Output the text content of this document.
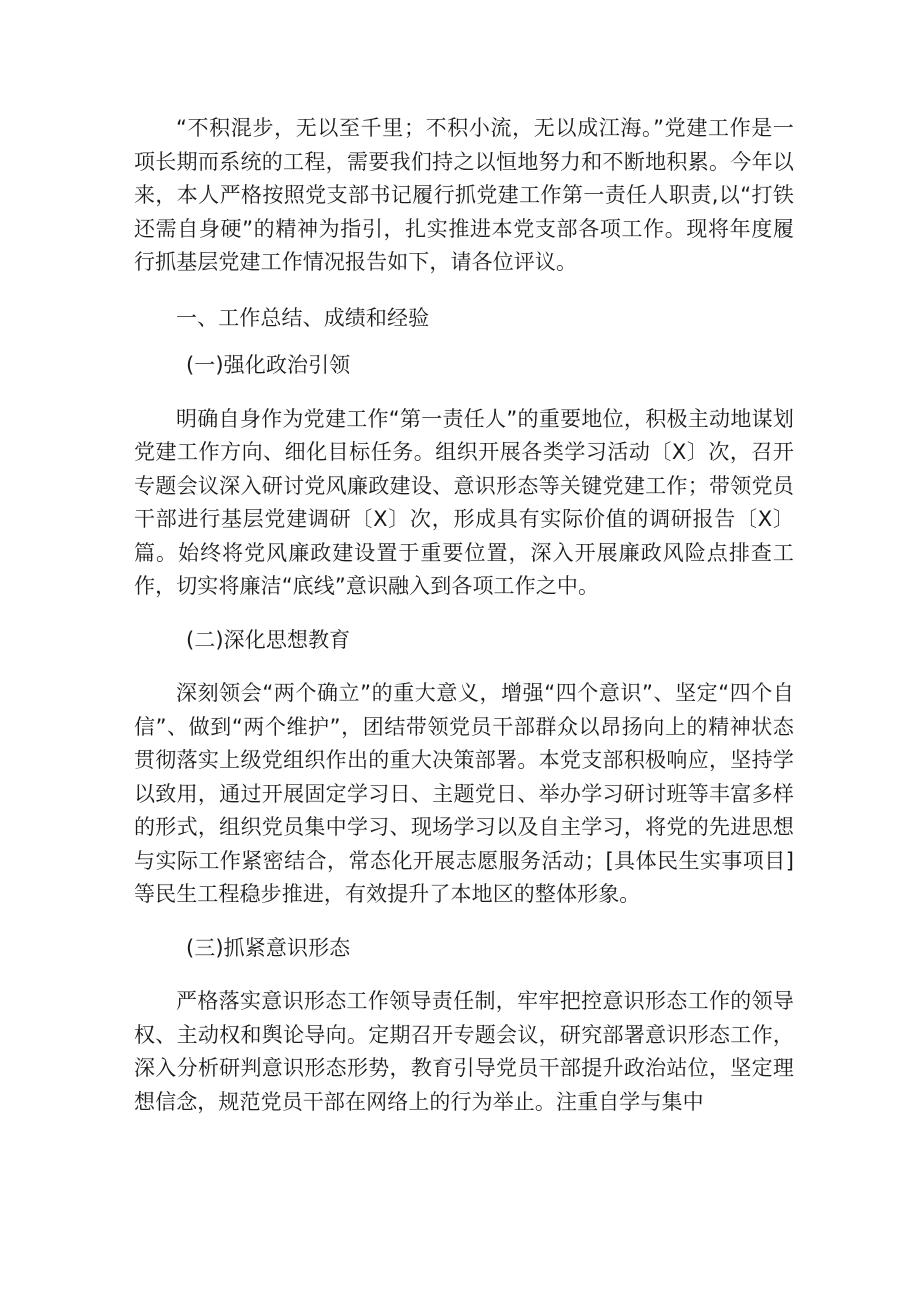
“不积混步，无以至千里；不积小流，无以成江海。”党建工作是一项长期而系统的工程，需要我们持之以恒地努力和不断地积累。今年以来，本人严格按照党支部书记履行抓党建工作第一责任人职责,以“打铁还需自身硬”的精神为指引，扎实推进本党支部各项工作。现将年度履行抓基层党建工作情况报告如下，请各位评议。

一、工作总结、成绩和经验

(一)强化政治引领

明确自身作为党建工作“第一责任人”的重要地位，积极主动地谋划党建工作方向、细化目标任务。组织开展各类学习活动〔X〕次，召开专题会议深入研讨党风廉政建设、意识形态等关键党建工作；带领党员干部进行基层党建调研〔X〕次，形成具有实际价值的调研报告〔X〕篇。始终将党风廉政建设置于重要位置，深入开展廉政风险点排查工作，切实将廉洁“底线”意识融入到各项工作之中。

(二)深化思想教育

深刻领会“两个确立”的重大意义，增强“四个意识”、坚定“四个自信”、做到“两个维护”，团结带领党员干部群众以昂扬向上的精神状态贯彻落实上级党组织作出的重大决策部署。本党支部积极响应，坚持学以致用，通过开展固定学习日、主题党日、举办学习研讨班等丰富多样的形式，组织党员集中学习、现场学习以及自主学习，将党的先进思想与实际工作紧密结合，常态化开展志愿服务活动；[具体民生实事项目]等民生工程稳步推进，有效提升了本地区的整体形象。

(三)抓紧意识形态

严格落实意识形态工作领导责任制，牢牢把控意识形态工作的领导权、主动权和舆论导向。定期召开专题会议，研究部署意识形态工作，深入分析研判意识形态形势，教育引导党员干部提升政治站位，坚定理想信念，规范党员干部在网络上的行为举止。注重自学与集中
